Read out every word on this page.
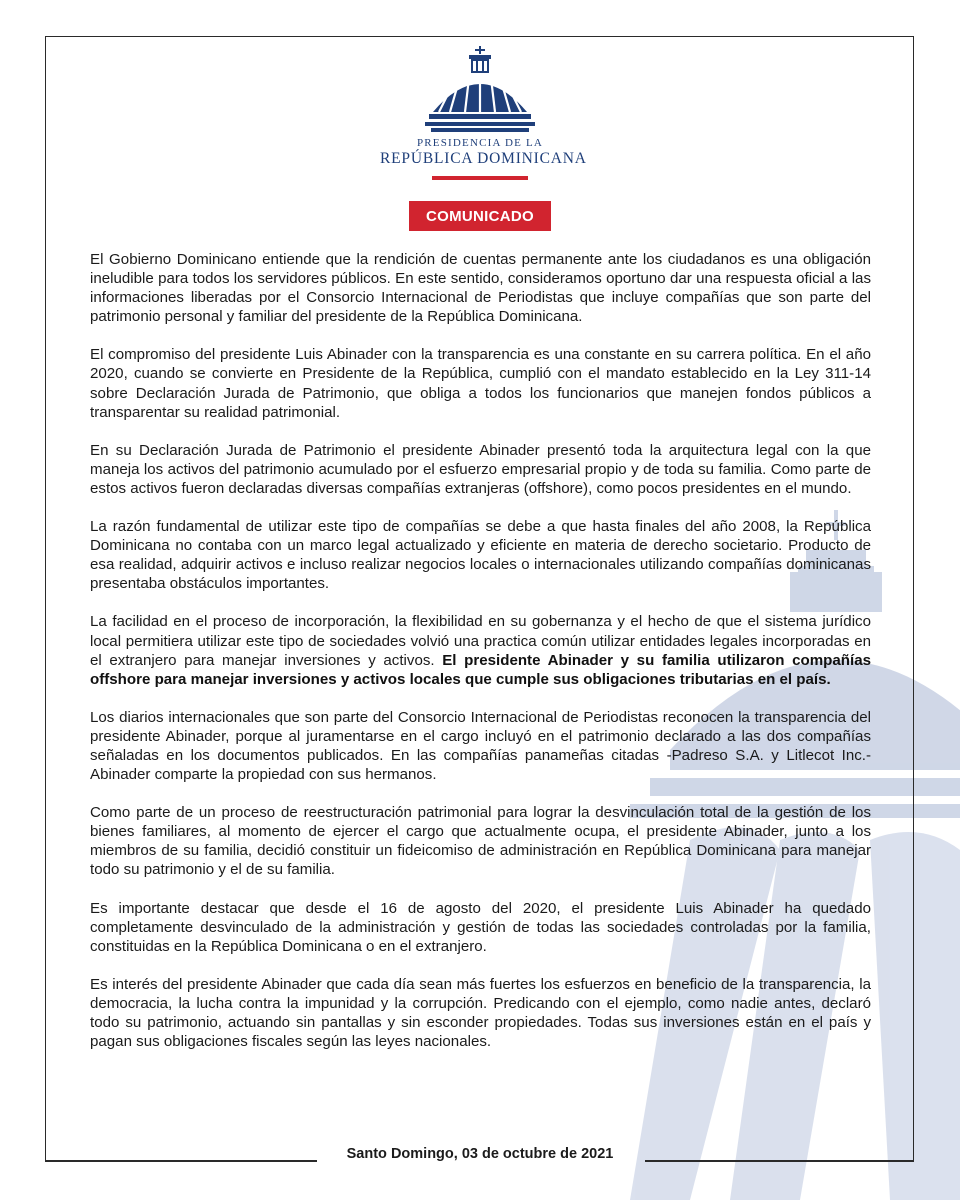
PRESIDENCIA DE LA
REPÚBLICA DOMINICANA
COMUNICADO

El Gobierno Dominicano entiende que la rendición de cuentas permanente ante los ciudadanos es una obligación ineludible para todos los servidores públicos. En este sentido, consideramos oportuno dar una respuesta oficial a las informaciones liberadas por el Consorcio Internacional de Periodistas que incluye compañías que son parte del patrimonio personal y familiar del presidente de la República Dominicana.

El compromiso del presidente Luis Abinader con la transparencia es una constante en su carrera política. En el año 2020, cuando se convierte en Presidente de la República, cumplió con el mandato establecido en la Ley 311-14 sobre Declaración Jurada de Patrimonio, que obliga a todos los funcionarios que manejen fondos públicos a transparentar su realidad patrimonial.

En su Declaración Jurada de Patrimonio el presidente Abinader presentó toda la arquitectura legal con la que maneja los activos del patrimonio acumulado por el esfuerzo empresarial propio y de toda su familia. Como parte de estos activos fueron declaradas diversas compañías extranjeras (offshore), como pocos presidentes en el mundo.

La razón fundamental de utilizar este tipo de compañías se debe a que hasta finales del año 2008, la República Dominicana no contaba con un marco legal actualizado y eficiente en materia de derecho societario. Producto de esa realidad, adquirir activos e incluso realizar negocios locales o internacionales utilizando compañías dominicanas presentaba obstáculos importantes.

La facilidad en el proceso de incorporación, la flexibilidad en su gobernanza y el hecho de que el sistema jurídico local permitiera utilizar este tipo de sociedades volvió una practica común utilizar entidades legales incorporadas en el extranjero para manejar inversiones y activos. El presidente Abinader y su familia utilizaron compañías offshore para manejar inversiones y activos locales que cumple sus obligaciones tributarias en el país.

Los diarios internacionales que son parte del Consorcio Internacional de Periodistas reconocen la transparencia del presidente Abinader, porque al juramentarse en el cargo incluyó en el patrimonio declarado a las dos compañías señaladas en los documentos publicados. En las compañías panameñas citadas -Padreso S.A. y Litlecot Inc.- Abinader comparte la propiedad con sus hermanos.

Como parte de un proceso de reestructuración patrimonial para lograr la desvinculación total de la gestión de los bienes familiares, al momento de ejercer el cargo que actualmente ocupa, el presidente Abinader, junto a los miembros de su familia, decidió constituir un fideicomiso de administración en República Dominicana para manejar todo su patrimonio y el de su familia.

Es importante destacar que desde el 16 de agosto del 2020, el presidente Luis Abinader ha quedado completamente desvinculado de la administración y gestión de todas las sociedades controladas por la familia, constituidas en la República Dominicana o en el extranjero.

Es interés del presidente Abinader que cada día sean más fuertes los esfuerzos en beneficio de la transparencia, la democracia, la lucha contra la impunidad y la corrupción. Predicando con el ejemplo, como nadie antes, declaró todo su patrimonio, actuando sin pantallas y sin esconder propiedades. Todas sus inversiones están en el país y pagan sus obligaciones fiscales según las leyes nacionales.

Santo Domingo, 03 de octubre de 2021
